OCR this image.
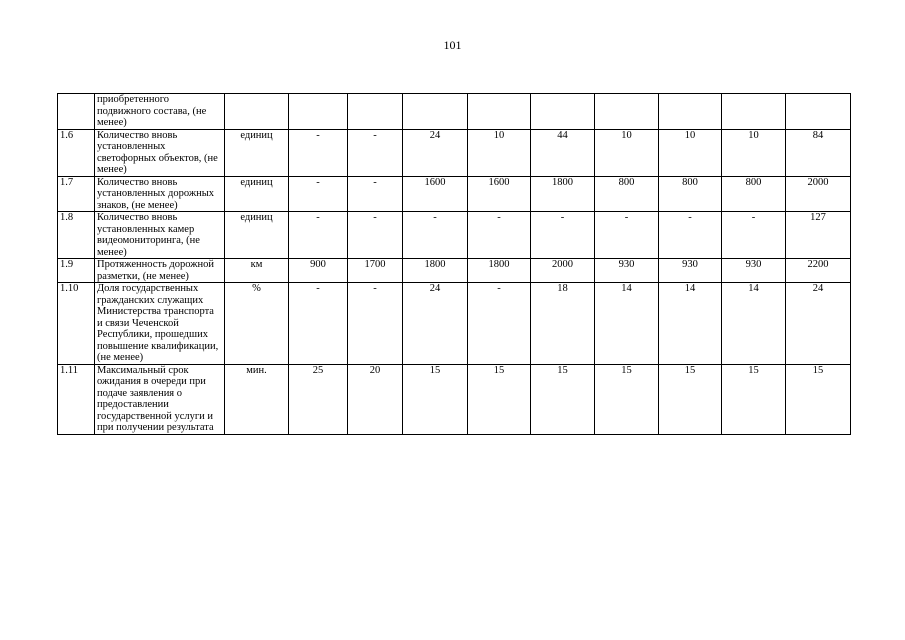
101
	приобретенного подвижного состава, (не менее)										
1.6	Количество вновь установленных светофорных объектов, (не менее)	единиц	-	-	24	10	44	10	10	10	84
1.7	Количество вновь установленных дорожных знаков, (не менее)	единиц	-	-	1600	1600	1800	800	800	800	2000
1.8	Количество вновь установленных камер видеомониторинга, (не менее)	единиц	-	-	-	-	-	-	-	-	127
1.9	Протяженность дорожной разметки, (не менее)	км	900	1700	1800	1800	2000	930	930	930	2200
1.10	Доля государственных гражданских служащих Министерства транспорта и связи Чеченской Республики, прошедших повышение квалификации, (не менее)	%	-	-	24	-	18	14	14	14	24
1.11	Максимальный срок ожидания в очереди при подаче заявления о предоставлении государственной услуги и при получении результата	мин.	25	20	15	15	15	15	15	15	15
